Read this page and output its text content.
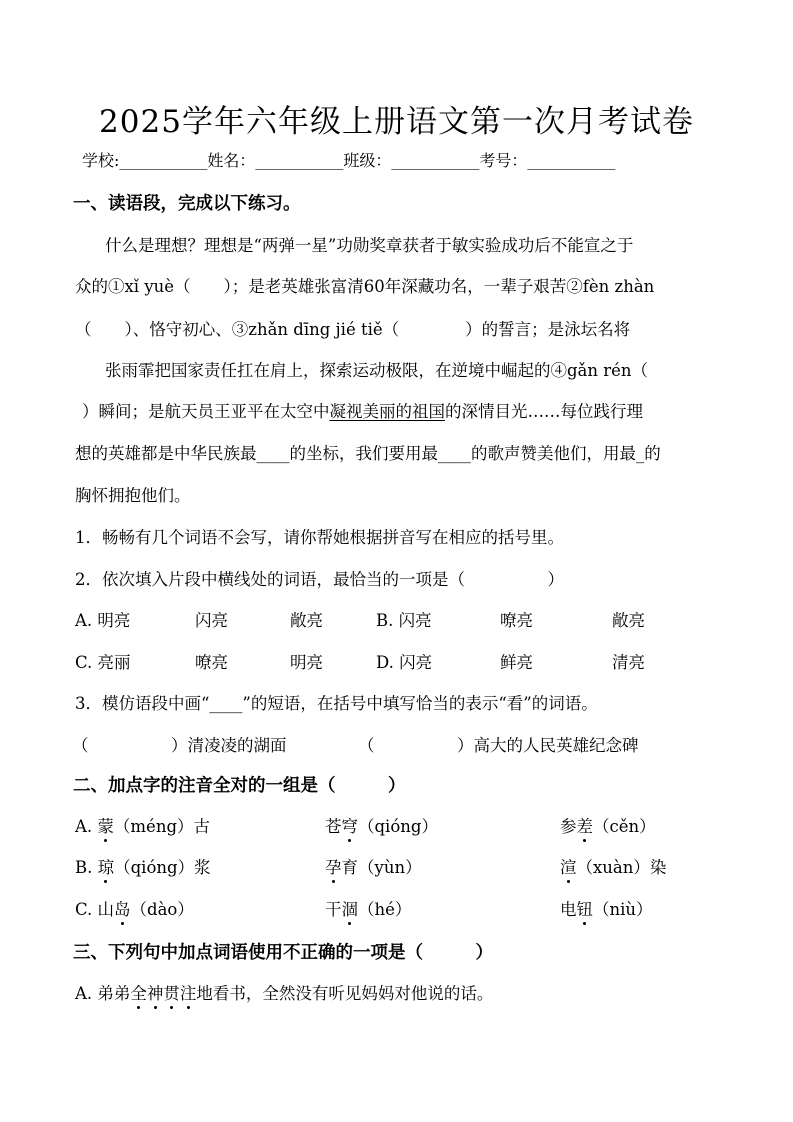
2025学年六年级上册语文第一次月考试卷
学校:___________姓名：___________班级：___________考号：___________
一、读语段，完成以下练习。
什么是理想？理想是“两弹一星”功勋奖章获者于敏实验成功后不能宣之于
众的①xǐ yuè（　　）；是老英雄张富清60年深藏功名，一辈子艰苦②fèn zhàn
（　　）、恪守初心、③zhǎn dīng jié tiě（　　　　）的誓言；是泳坛名将
张雨霏把国家责任扛在肩上，探索运动极限，在逆境中崛起的④gǎn rén（
）瞬间；是航天员王亚平在太空中凝视美丽的祖国的深情目光……每位践行理
想的英雄都是中华民族最____的坐标，我们要用最____的歌声赞美他们，用最_的
胸怀拥抱他们。
1．畅畅有几个词语不会写，请你帮她根据拼音写在相应的括号里。
2．依次填入片段中横线处的词语，最恰当的一项是（　　　　　）
A. 明亮	闪亮	敞亮	B. 闪亮	嘹亮	敞亮
C. 亮丽	嘹亮	明亮	D. 闪亮	鲜亮	清亮
3．模仿语段中画“____”的短语，在括号中填写恰当的表示“看”的词语。
（　　　　　）清凌凌的湖面	（　　　　　）高大的人民英雄纪念碑
二、加点字的注音全对的一组是（　　　）
A. 蒙（méng）古	苍穹（qióng）	参差（cěn）
B. 琼（qióng）浆	孕育（yùn）	渲（xuàn）染
C. 山岛（dào）	干涸（hé）	电钮（niù）
三、下列句中加点词语使用不正确的一项是（　　　）
A. 弟弟全神贯注地看书，全然没有听见妈妈对他说的话。
